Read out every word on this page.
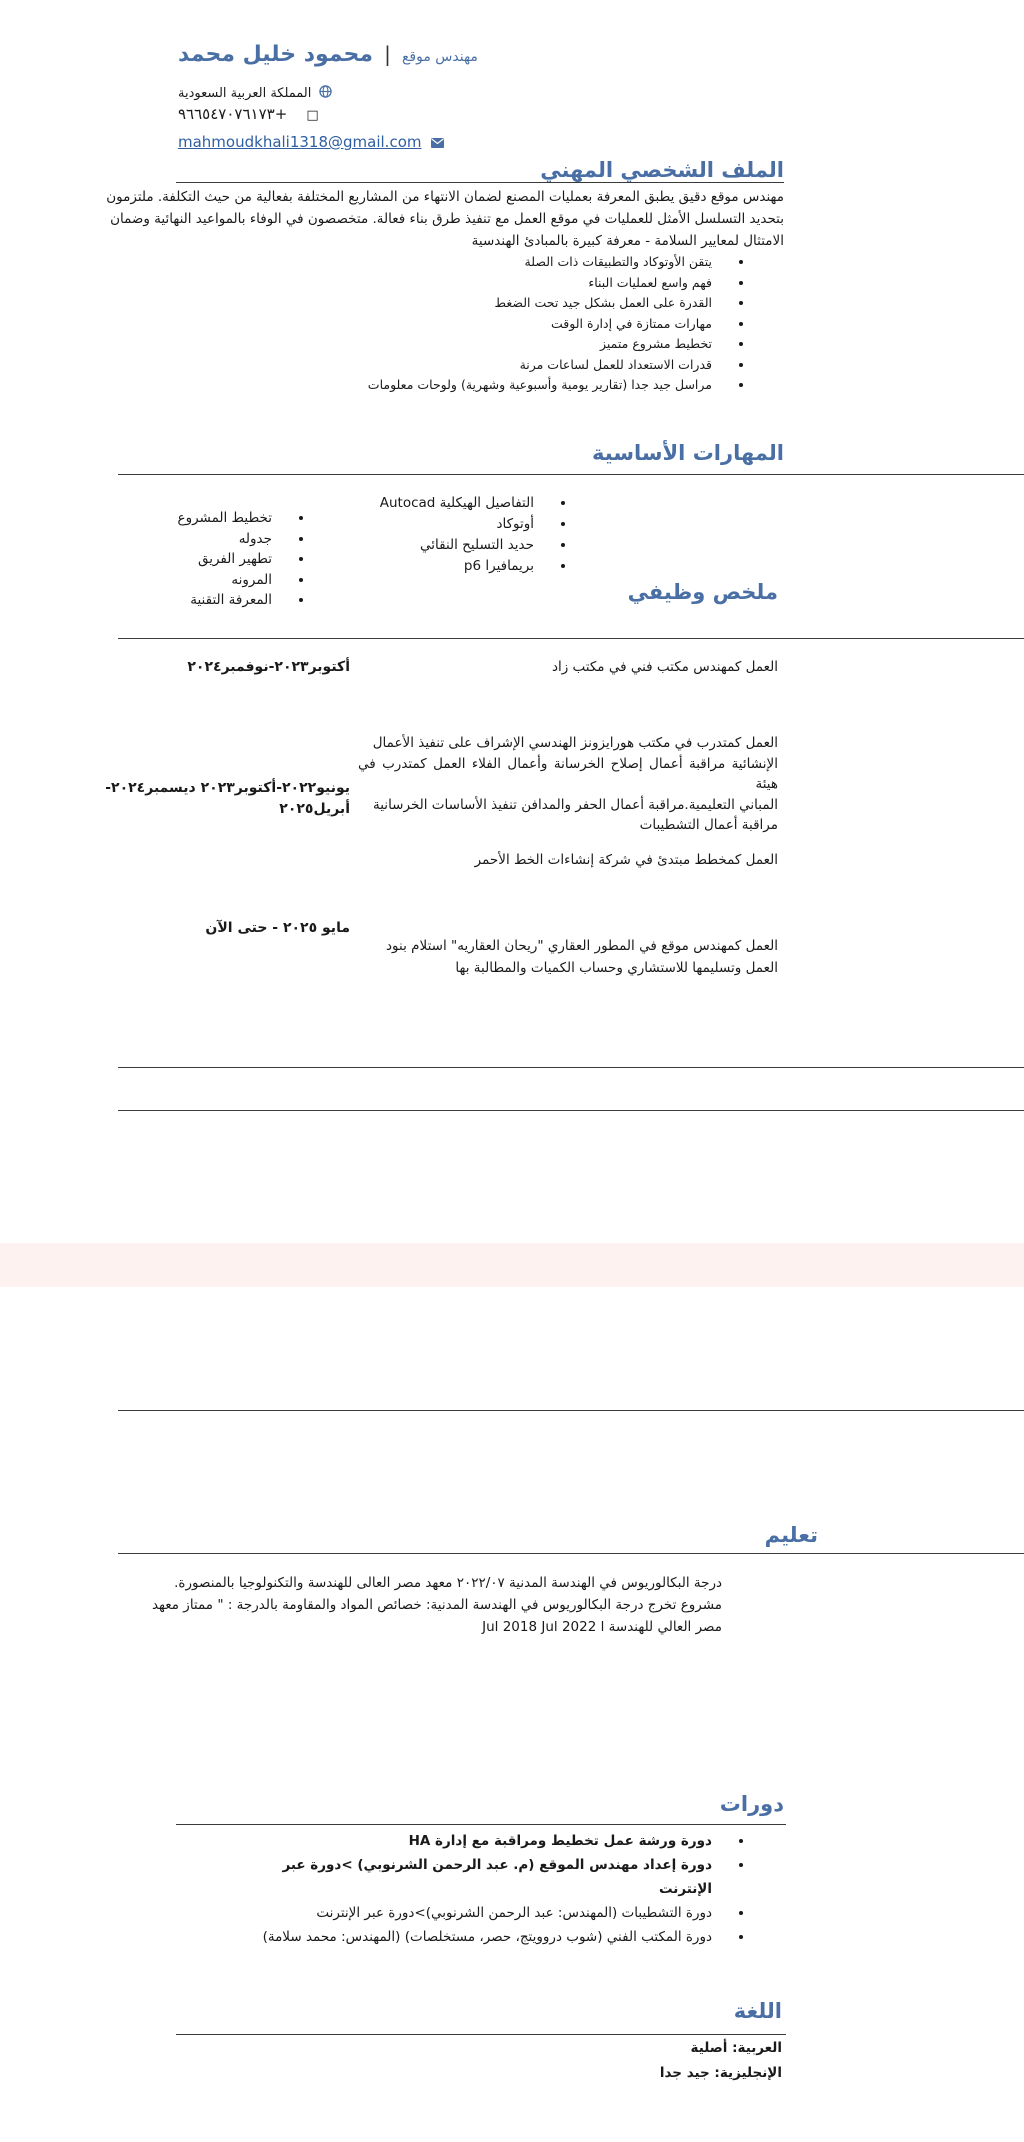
مهندس موقع | محمود خليل محمد
المملكة العربية السعودية
٩٦٦٥٤٧٠٧٦١٧٣+ □
mahmoudkhali1318@gmail.com
الملف الشخصي المهني
مهندس موقع دقيق يطبق المعرفة بعمليات المصنع لضمان الانتهاء من المشاريع المختلفة بفعالية من حيث التكلفة. ملتزمون
بتحديد التسلسل الأمثل للعمليات في موقع العمل مع تنفيذ طرق بناء فعالة. متخصصون في الوفاء بالمواعيد النهائية وضمان
الامتثال لمعايير السلامة - معرفة كبيرة بالمبادئ الهندسية
• يتقن الأوتوكاد والتطبيقات ذات الصلة
• فهم واسع لعمليات البناء
• القدرة على العمل بشكل جيد تحت الضغط
• مهارات ممتازة في إدارة الوقت
• تخطيط مشروع متميز
• قدرات الاستعداد للعمل لساعات مرنة
• مراسل جيد جدا (تقارير يومية وأسبوعية وشهرية) ولوحات معلومات
المهارات الأساسية
• التفاصيل الهيكلية Autocad
• أوتوكاد
• حديد التسليح النقائي
• بريمافيرا p6
• تخطيط المشروع
• جدوله
• تطهير الفريق
• المرونه
• المعرفة التقنية	ملخص وظيفي
العمل كمهندس مكتب فني في مكتب زاد
أكتوبر٢٠٢٣-نوفمبر٢٠٢٤
العمل كمتدرب في مكتب هورايزونز الهندسي الإشراف على تنفيذ الأعمال
الإنشائية مراقبة أعمال إصلاح الخرسانة وأعمال الفلاء العمل كمتدرب في هيئة
المباني التعليمية.مراقبة أعمال الحفر والمدافن تنفيذ الأساسات الخرسانية
مراقبة أعمال التشطيبات
يونيو٢٠٢٢-أكتوبر٢٠٢٣ ديسمبر٢٠٢٤-
أبريل٢٠٢٥
العمل كمخطط مبتدئ في شركة إنشاءات الخط الأحمر
العمل كمهندس موقع في المطور العقاري "ريحان العقاريه" استلام بنود
العمل وتسليمها للاستشاري وحساب الكميات والمطالبة بها
مايو ٢٠٢٥ - حتى الآن
تعليم
درجة البكالوريوس في الهندسة المدنية ٢٠٢٢/٠٧ معهد مصر العالى للهندسة والتكنولوجيا بالمنصورة.
مشروع تخرج درجة البكالوريوس في الهندسة المدنية: خصائص المواد والمقاومة بالدرجة : " ممتاز معهد
مصر العالي للهندسة Jul 2018 Jul 2022 l
دورات
• دورة ورشة عمل تخطيط ومراقبة مع إدارة HA
• دورة إعداد مهندس الموقع (م. عبد الرحمن الشرنوبي) >دورة عبر الإنترنت
• دورة التشطيبات (المهندس: عبد الرحمن الشرنوبي)>دورة عبر الإنترنت
• دورة المكتب الفني (شوب دروويتج، حصر، مستخلصات) (المهندس: محمد سلامة)
اللغة
العربية: أصلية
الإنجليزية: جيد جدا
